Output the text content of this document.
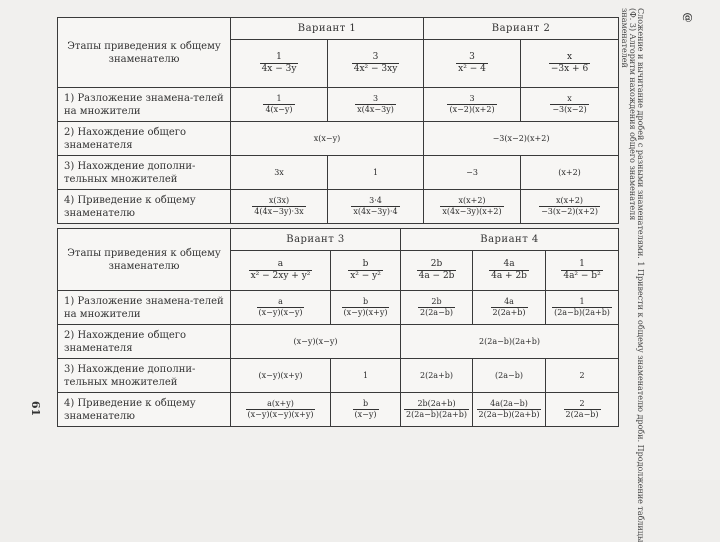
Этапы приведения к общему знаменателю	Вариант 1		Вариант 2	

	$\frac{1}{4x - 3y}$	$\frac{3}{\text{4x² − 3xy}}$	$\frac{3}{\text{x² − 4}}$	$\frac{x}{-3x + 6}$

1) Разложение знамена-телей на множители	$\frac{1}{4(x-y)}$	$\frac{3}{x(4x-3y)}$	$\frac{3}{(x-2)(x+2)}$	$\frac{x}{-3(x-2)}$

2) Нахождение общего знаменателя	x(x−y)		−3(x−2)(x+2)	
3) Нахождение дополни-тельных множителей	3x	1	−3	(x+2)
4) Приведение к общему знаменателю	$\frac{x(3x)}{4(4x-3y)\cdot 3x}$	$\frac{3\cdot 4}{x(4x-3y)\cdot 4}$	$\frac{x(x+2)}{x(4x-3y)(x+2)}$	$\frac{x(x+2)}{-3(x-2)(x+2)}$
Этапы приведения к общему знаменателю	Вариант 3		Вариант 4		

	$\frac{a}{\text{x² − 2xy + y²}}$	$\frac{b}{\text{x² − y²}}$	$\frac{2b}{4a - 2b}$	$\frac{4a}{4a + 2b}$	$\frac{1}{\text{4a² − b²}}$

1) Разложение знамена-телей на множители	$\frac{a}{(x-y)(x-y)}$	$\frac{b}{(x-y)(x+y)}$	$\frac{2b}{2(2a-b)}$	$\frac{4a}{2(2a+b)}$	$\frac{1}{(2a-b)(2a+b)}$

2) Нахождение общего знаменателя	(x−y)(x−y)		2(2a−b)(2a+b)		
3) Нахождение дополни-тельных множителей	(x−y)(x+y)	1	2(2a+b)	(2a−b)	2
4) Приведение к общему знаменателю	$\frac{a(x+y)}{(x-y)(x-y)(x+y)}$	$\frac{b}{(x-y)}$	$\frac{2b(2a+b)}{2(2a-b)(2a+b)}$	$\frac{4a(2a-b)}{2(2a-b)(2a+b)}$	$\frac{2}{2(2a-b)}$	Сложение и вычитание дробей с разными знаменателями. 1 Привести к общему знаменателю дроби. Продолжение таблицы
(Ф. 3) Алгоритм нахождения общего знаменателя
знаменателей
61
@
